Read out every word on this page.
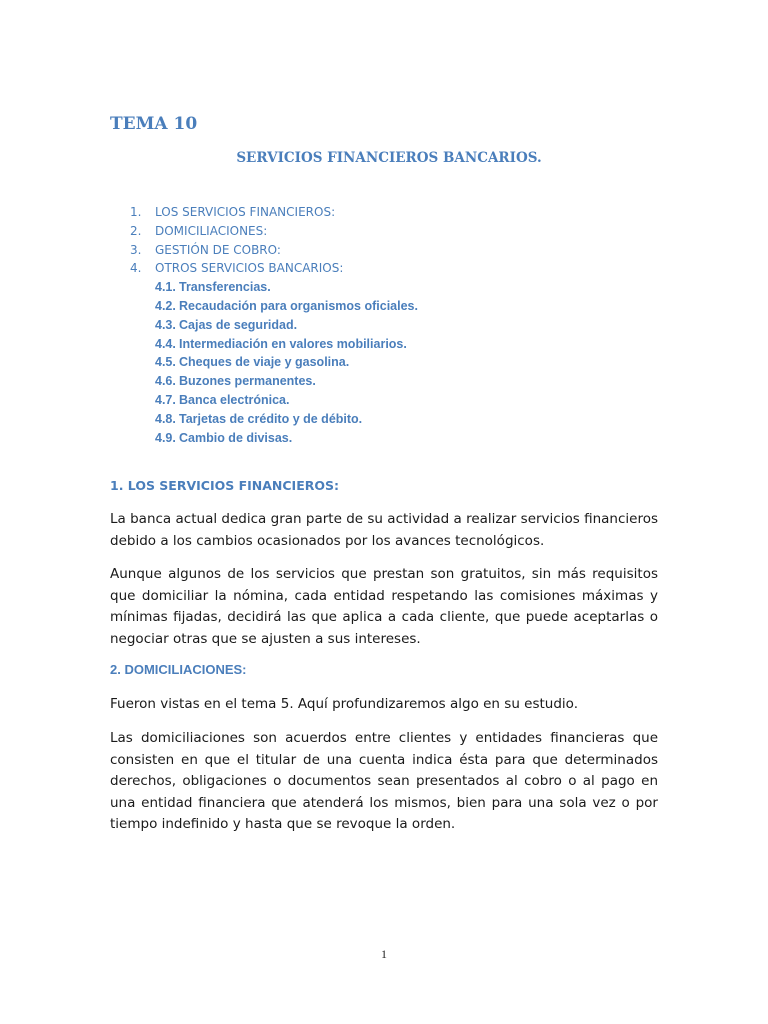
TEMA 10
SERVICIOS FINANCIEROS BANCARIOS.
1. LOS SERVICIOS FINANCIEROS:
2. DOMICILIACIONES:
3. GESTIÓN DE COBRO:
4. OTROS SERVICIOS BANCARIOS:
4.1. Transferencias.
4.2. Recaudación para organismos oficiales.
4.3. Cajas de seguridad.
4.4. Intermediación en valores mobiliarios.
4.5. Cheques de viaje y gasolina.
4.6. Buzones permanentes.
4.7. Banca electrónica.
4.8. Tarjetas de crédito y de débito.
4.9. Cambio de divisas.
1. LOS SERVICIOS FINANCIEROS:

La banca actual dedica gran parte de su actividad a realizar servicios financieros debido a los cambios ocasionados por los avances tecnológicos.

Aunque algunos de los servicios que prestan son gratuitos, sin más requisitos que domiciliar la nómina, cada entidad respetando las comisiones máximas y mínimas fijadas, decidirá las que aplica a cada cliente, que puede aceptarlas o negociar otras que se ajusten a sus intereses.

2. DOMICILIACIONES:

Fueron vistas en el tema 5. Aquí profundizaremos algo en su estudio.

Las domiciliaciones son acuerdos entre clientes y entidades financieras que consisten en que el titular de una cuenta indica ésta para que determinados derechos, obligaciones o documentos sean presentados al cobro o al pago en una entidad financiera que atenderá los mismos, bien para una sola vez o por tiempo indefinido y hasta que se revoque la orden.

1
